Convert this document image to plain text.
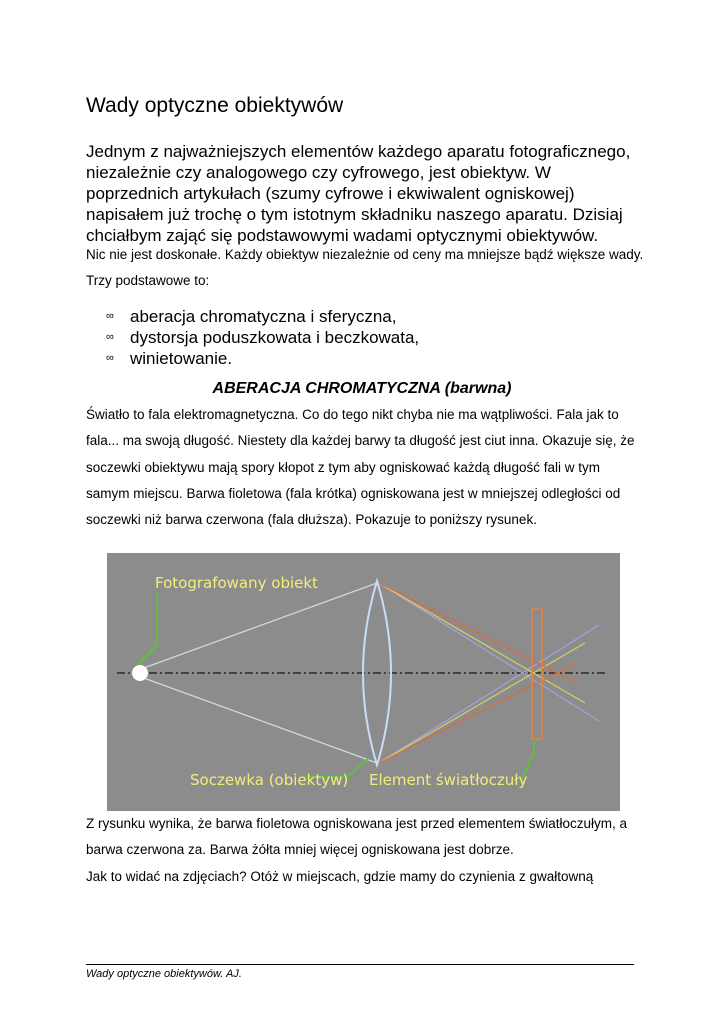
Wady optyczne obiektywów
Jednym z najważniejszych elementów każdego aparatu fotograficznego, niezależnie czy analogowego czy cyfrowego, jest obiektyw. W poprzednich artykułach (szumy cyfrowe i ekwiwalent ogniskowej) napisałem już trochę o tym istotnym składniku naszego aparatu. Dzisiaj chciałbym zająć się podstawowymi wadami optycznymi obiektywów.
Nic nie jest doskonałe. Każdy obiektyw niezależnie od ceny ma mniejsze bądź większe wady. Trzy podstawowe to:
∞ aberacja chromatyczna i sferyczna,
∞ dystorsja poduszkowata i beczkowata,
∞ winietowanie.
ABERACJA CHROMATYCZNA (barwna)
Światło to fala elektromagnetyczna. Co do tego nikt chyba nie ma wątpliwości. Fala jak to fala... ma swoją długość. Niestety dla każdej barwy ta długość jest ciut inna. Okazuje się, że soczewki obiektywu mają spory kłopot z tym aby ogniskować każdą długość fali w tym samym miejscu. Barwa fioletowa (fala krótka) ogniskowana jest w mniejszej odległości od soczewki niż barwa czerwona (fala dłuższa). Pokazuje to poniższy rysunek.
Fotografowany obiekt
Soczewka (obiektyw) Element światłoczuły
Z rysunku wynika, że barwa fioletowa ogniskowana jest przed elementem światłoczułym, a barwa czerwona za. Barwa żółta mniej więcej ogniskowana jest dobrze.
Jak to widać na zdjęciach? Otóż w miejscach, gdzie mamy do czynienia z gwałtowną
Wady optyczne obiektywów. AJ.
